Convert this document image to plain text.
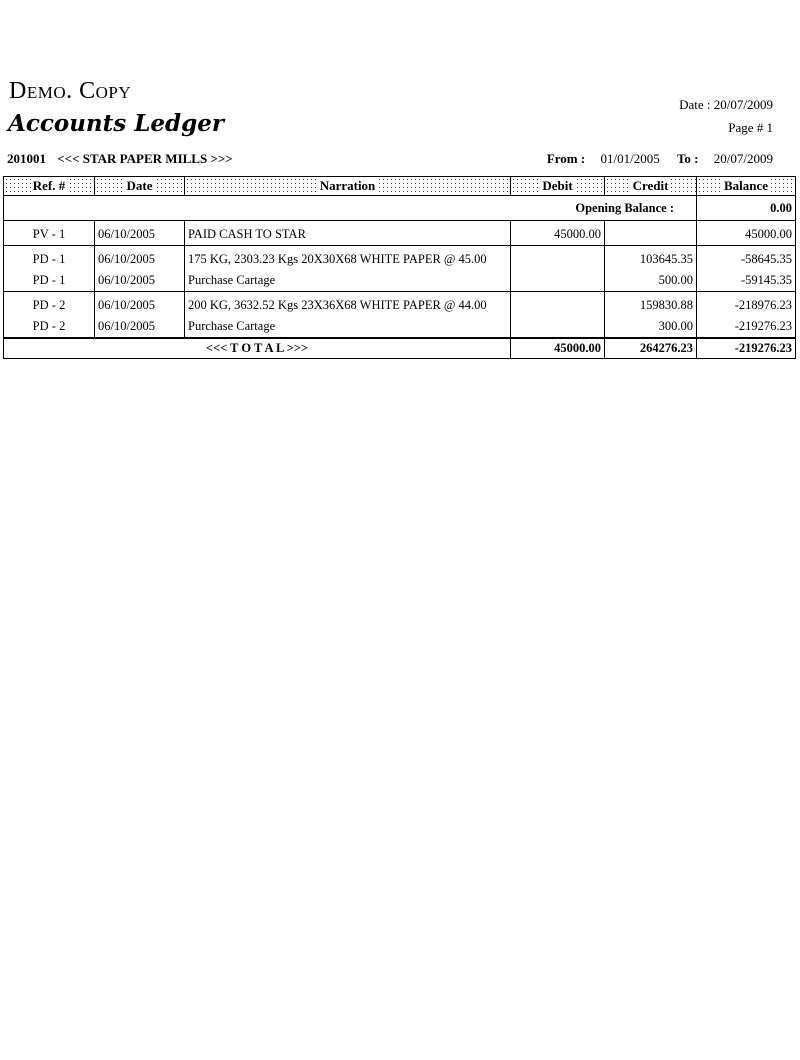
Demo. Copy
Accounts Ledger
Date : 20/07/2009
Page # 1
201001 <<< STAR PAPER MILLS >>>	From : 01/01/2005 To : 20/07/2009
Ref. #	Date	Narration	Debit	Credit	Balance
Opening Balance :					0.00
PV - 1	06/10/2005	PAID CASH TO STAR	45000.00		45000.00
PD - 1	06/10/2005	175 KG, 2303.23 Kgs 20X30X68 WHITE PAPER @ 45.00		103645.35	-58645.35
PD - 1	06/10/2005	Purchase Cartage		500.00	-59145.35
PD - 2	06/10/2005	200 KG, 3632.52 Kgs 23X36X68 WHITE PAPER @ 44.00		159830.88	-218976.23
PD - 2	06/10/2005	Purchase Cartage		300.00	-219276.23
<<< T O T A L >>>			45000.00	264276.23	-219276.23
